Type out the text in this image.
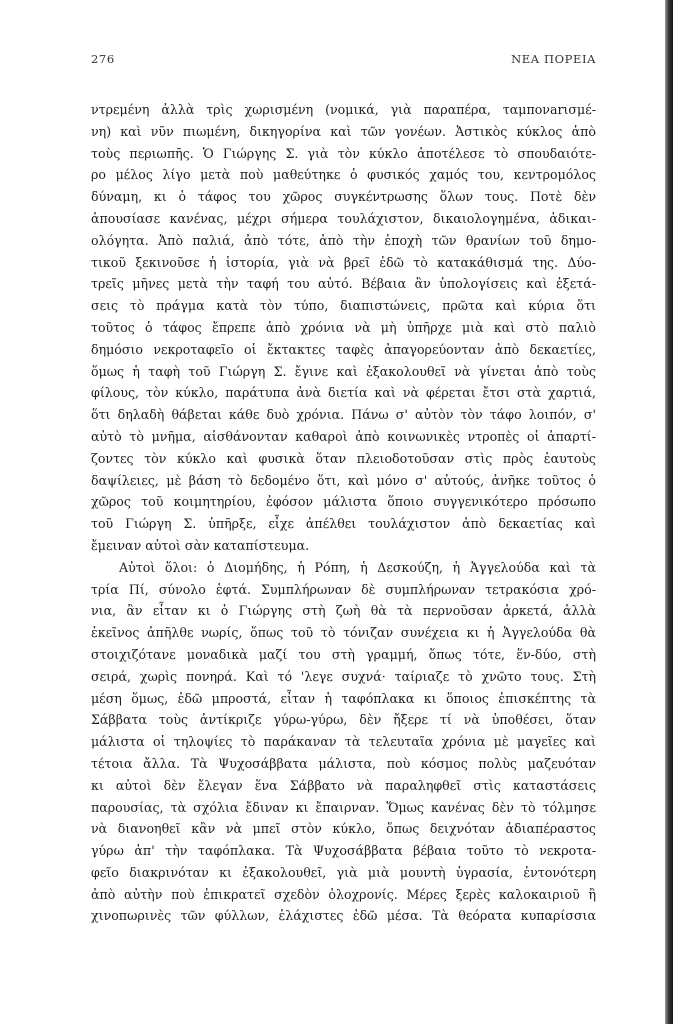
276	ΝΕΑ ΠΟΡΕΙΑ
ντρεμένη ἀλλὰ τρὶς χωρισμένη (νομικά, γιὰ παραπέρα, ταμπονarισμέ-
νη) καὶ νῦν πιωμένη, δικηγορίνα καὶ τῶν γονέων. Ἀστικὸς κύκλος ἀπὸ
τοὺς περιωπῆς. Ὁ Γιώργης Σ. γιὰ τὸν κύκλο ἀποτέλεσε τὸ σπουδαιότε-
ρο μέλος λίγο μετὰ ποὺ μαθεύτηκε ὁ φυσικός χαμός του, κεντρομόλος
δύναμη, κι ὁ τάφος του χῶρος συγκέντρωσης ὅλων τους. Ποτὲ δὲν
ἀπουσίασε κανένας, μέχρι σήμερα τουλάχιστον, δικαιολογημένα, ἀδικαι-
ολόγητα. Ἀπὸ παλιά, ἀπὸ τότε, ἀπὸ τὴν ἐποχὴ τῶν θρανίων τοῦ δημο-
τικοῦ ξεκινοῦσε ἡ ἱστορία, γιὰ νὰ βρεῖ ἐδῶ τὸ κατακάθισμά της. Δύο-
τρεῖς μῆνες μετὰ τὴν ταφή του αὐτό. Βέβαια ἂν ὑπολογίσεις καὶ ἐξετά-
σεις τὸ πράγμα κατὰ τὸν τύπο, διαπιστώνεις, πρῶτα καὶ κύρια ὅτι
τοῦτος ὁ τάφος ἔπρεπε ἀπὸ χρόνια νὰ μὴ ὑπῆρχε μιὰ καὶ στὸ παλιὸ
δημόσιο νεκροταφεῖο οἱ ἔκτακτες ταφὲς ἀπαγορεύονταν ἀπὸ δεκαετίες,
ὅμως ἡ ταφὴ τοῦ Γιώργη Σ. ἔγινε καὶ ἐξακολουθεῖ νὰ γίνεται ἀπὸ τοὺς
φίλους, τὸν κύκλο, παράτυπα ἀνὰ διετία καὶ νὰ φέρεται ἔτσι στὰ χαρτιά,
ὅτι δηλαδὴ θάβεται κάθε δυὸ χρόνια. Πάνω σ' αὐτὸν τὸν τάφο λοιπόν, σ'
αὐτὸ τὸ μνῆμα, αἰσθάνονταν καθαροὶ ἀπὸ κοινωνικὲς ντροπὲς οἱ ἀπαρτί-
ζοντες τὸν κύκλο καὶ φυσικὰ ὅταν πλειοδοτοῦσαν στὶς πρὸς ἑαυτοὺς
δαψίλειες, μὲ βάση τὸ δεδομένο ὅτι, καὶ μόνο σ' αὐτούς, ἀνῆκε τοῦτος ὁ
χῶρος τοῦ κοιμητηρίου, ἐφόσον μάλιστα ὅποιο συγγενικότερο πρόσωπο
τοῦ Γιώργη Σ. ὑπῆρξε, εἶχε ἀπέλθει τουλάχιστον ἀπὸ δεκαετίας καὶ
ἔμειναν αὐτοὶ σὰν καταπίστευμα.
Αὐτοὶ ὅλοι: ὁ Διομήδης, ἡ Ρόπη, ἡ Δεσκούζη, ἡ Ἀγγελούδα καὶ τὰ
τρία Πί, σύνολο ἑφτά. Συμπλήρωναν δὲ συμπλήρωναν τετρακόσια χρό-
νια, ἂν εἶταν κι ὁ Γιώργης στὴ ζωὴ θὰ τὰ περνοῦσαν ἀρκετά, ἀλλὰ
ἐκεῖνος ἀπῆλθε νωρίς, ὅπως τοῦ τὸ τόνιζαν συνέχεια κι ἡ Ἀγγελούδα θὰ
στοιχιζότανε μοναδικὰ μαζί του στὴ γραμμή, ὅπως τότε, ἕν-δύο, στὴ
σειρά, χωρὶς πονηρά. Καὶ τό 'λεγε συχνά· ταίριαζε τὸ χνῶτο τους. Στὴ
μέση ὅμως, ἐδῶ μπροστά, εἶταν ἡ ταφόπλακα κι ὅποιος ἐπισκέπτης τὰ
Σάββατα τοὺς ἀντίκριζε γύρω-γύρω, δὲν ἤξερε τί νὰ ὑποθέσει, ὅταν
μάλιστα οἱ τηλοψίες τὸ παράκαναν τὰ τελευταῖα χρόνια μὲ μαγεῖες καὶ
τέτοια ἄλλα. Τὰ Ψυχοσάββατα μάλιστα, ποὺ κόσμος πολὺς μαζευόταν
κι αὐτοὶ δὲν ἔλεγαν ἕνα Σάββατο νὰ παραληφθεῖ στὶς καταστάσεις
παρουσίας, τὰ σχόλια ἔδιναν κι ἔπαιρναν. Ὅμως κανένας δὲν τὸ τόλμησε
νὰ διανοηθεῖ κἂν νὰ μπεῖ στὸν κύκλο, ὅπως δειχνόταν ἀδιαπέραστος
γύρω ἀπ' τὴν ταφόπλακα. Τὰ Ψυχοσάββατα βέβαια τοῦτο τὸ νεκροτα-
φεῖο διακρινόταν κι ἐξακολουθεῖ, γιὰ μιὰ μουντὴ ὑγρασία, ἐντονότερη
ἀπὸ αὐτὴν ποὺ ἐπικρατεῖ σχεδὸν ὁλοχρονίς. Μέρες ξερὲς καλοκαιριοῦ ἢ
χινοπωρινὲς τῶν φύλλων, ἐλάχιστες ἐδῶ μέσα. Τὰ θεόρατα κυπαρίσσια
